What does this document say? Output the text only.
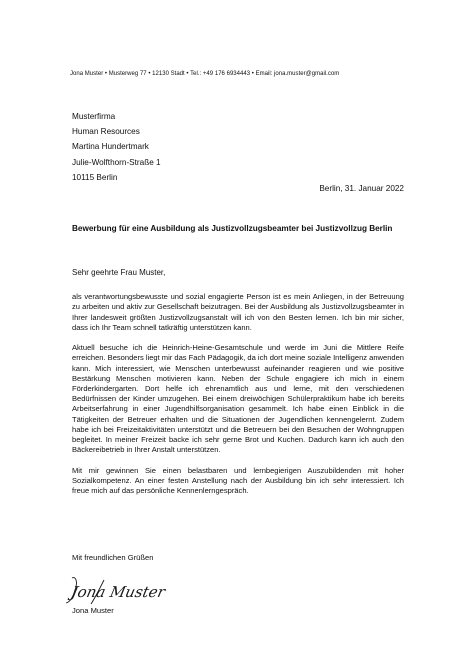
Jona Muster • Musterweg 77 • 12130 Stadt • Tel.: +49 176 6934443 • Email: jona.muster@gmail.com
Musterfirma
Human Resources
Martina Hundertmark
Julie-Wolfthorn-Straße 1
10115 Berlin
Berlin, 31. Januar 2022
Bewerbung für eine Ausbildung als Justizvollzugsbeamter bei Justizvollzug Berlin

Sehr geehrte Frau Muster,

als verantwortungsbewusste und sozial engagierte Person ist es mein Anliegen, in der Betreuung zu arbeiten und aktiv zur Gesellschaft beizutragen. Bei der Ausbildung als Justizvollzugsbeamter in Ihrer landesweit größten Justizvollzugsanstalt will ich von den Besten lernen. Ich bin mir sicher, dass ich Ihr Team schnell tatkräftig unterstützen kann.

Aktuell besuche ich die Heinrich-Heine-Gesamtschule und werde im Juni die Mittlere Reife erreichen. Besonders liegt mir das Fach Pädagogik, da ich dort meine soziale Intelligenz anwenden kann. Mich interessiert, wie Menschen unterbewusst aufeinander reagieren und wie positive Bestärkung Menschen motivieren kann. Neben der Schule engagiere ich mich in einem Förderkindergarten. Dort helfe ich ehrenamtlich aus und lerne, mit den verschiedenen Bedürfnissen der Kinder umzugehen. Bei einem dreiwöchigen Schülerpraktikum habe ich bereits Arbeitserfahrung in einer Jugendhilfsorganisation gesammelt. Ich habe einen Einblick in die Tätigkeiten der Betreuer erhalten und die Situationen der Jugendlichen kennengelernt. Zudem habe ich bei Freizeitaktivitäten unterstützt und die Betreuern bei den Besuchen der Wohngruppen begleitet. In meiner Freizeit backe ich sehr gerne Brot und Kuchen. Dadurch kann ich auch den Bäckereibetrieb in Ihrer Anstalt unterstützen.

Mit mir gewinnen Sie einen belastbaren und lernbegierigen Auszubildenden mit hoher Sozialkompetenz. An einer festen Anstellung nach der Ausbildung bin ich sehr interessiert. Ich freue mich auf das persönliche Kennenlerngespräch.

Mit freundlichen Grüßen
Jona Muster
Jona Muster
